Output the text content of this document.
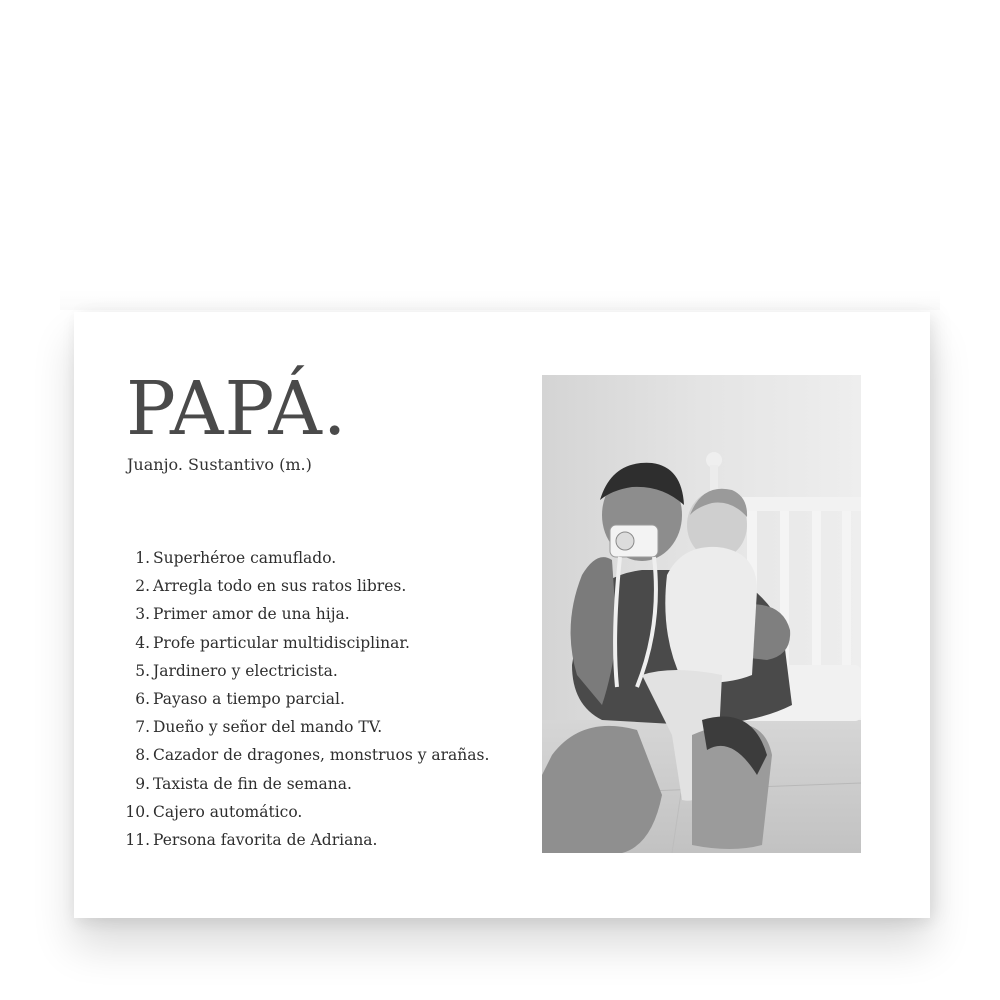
PAPÁ.

Juanjo. Sustantivo (m.)

1. Superhéroe camuflado.
2. Arregla todo en sus ratos libres.
3. Primer amor de una hija.
4. Profe particular multidisciplinar.
5. Jardinero y electricista.
6. Payaso a tiempo parcial.
7. Dueño y señor del mando TV.
8. Cazador de dragones, monstruos y arañas.
9. Taxista de fin de semana.
10. Cajero automático.
11. Persona favorita de Adriana.
